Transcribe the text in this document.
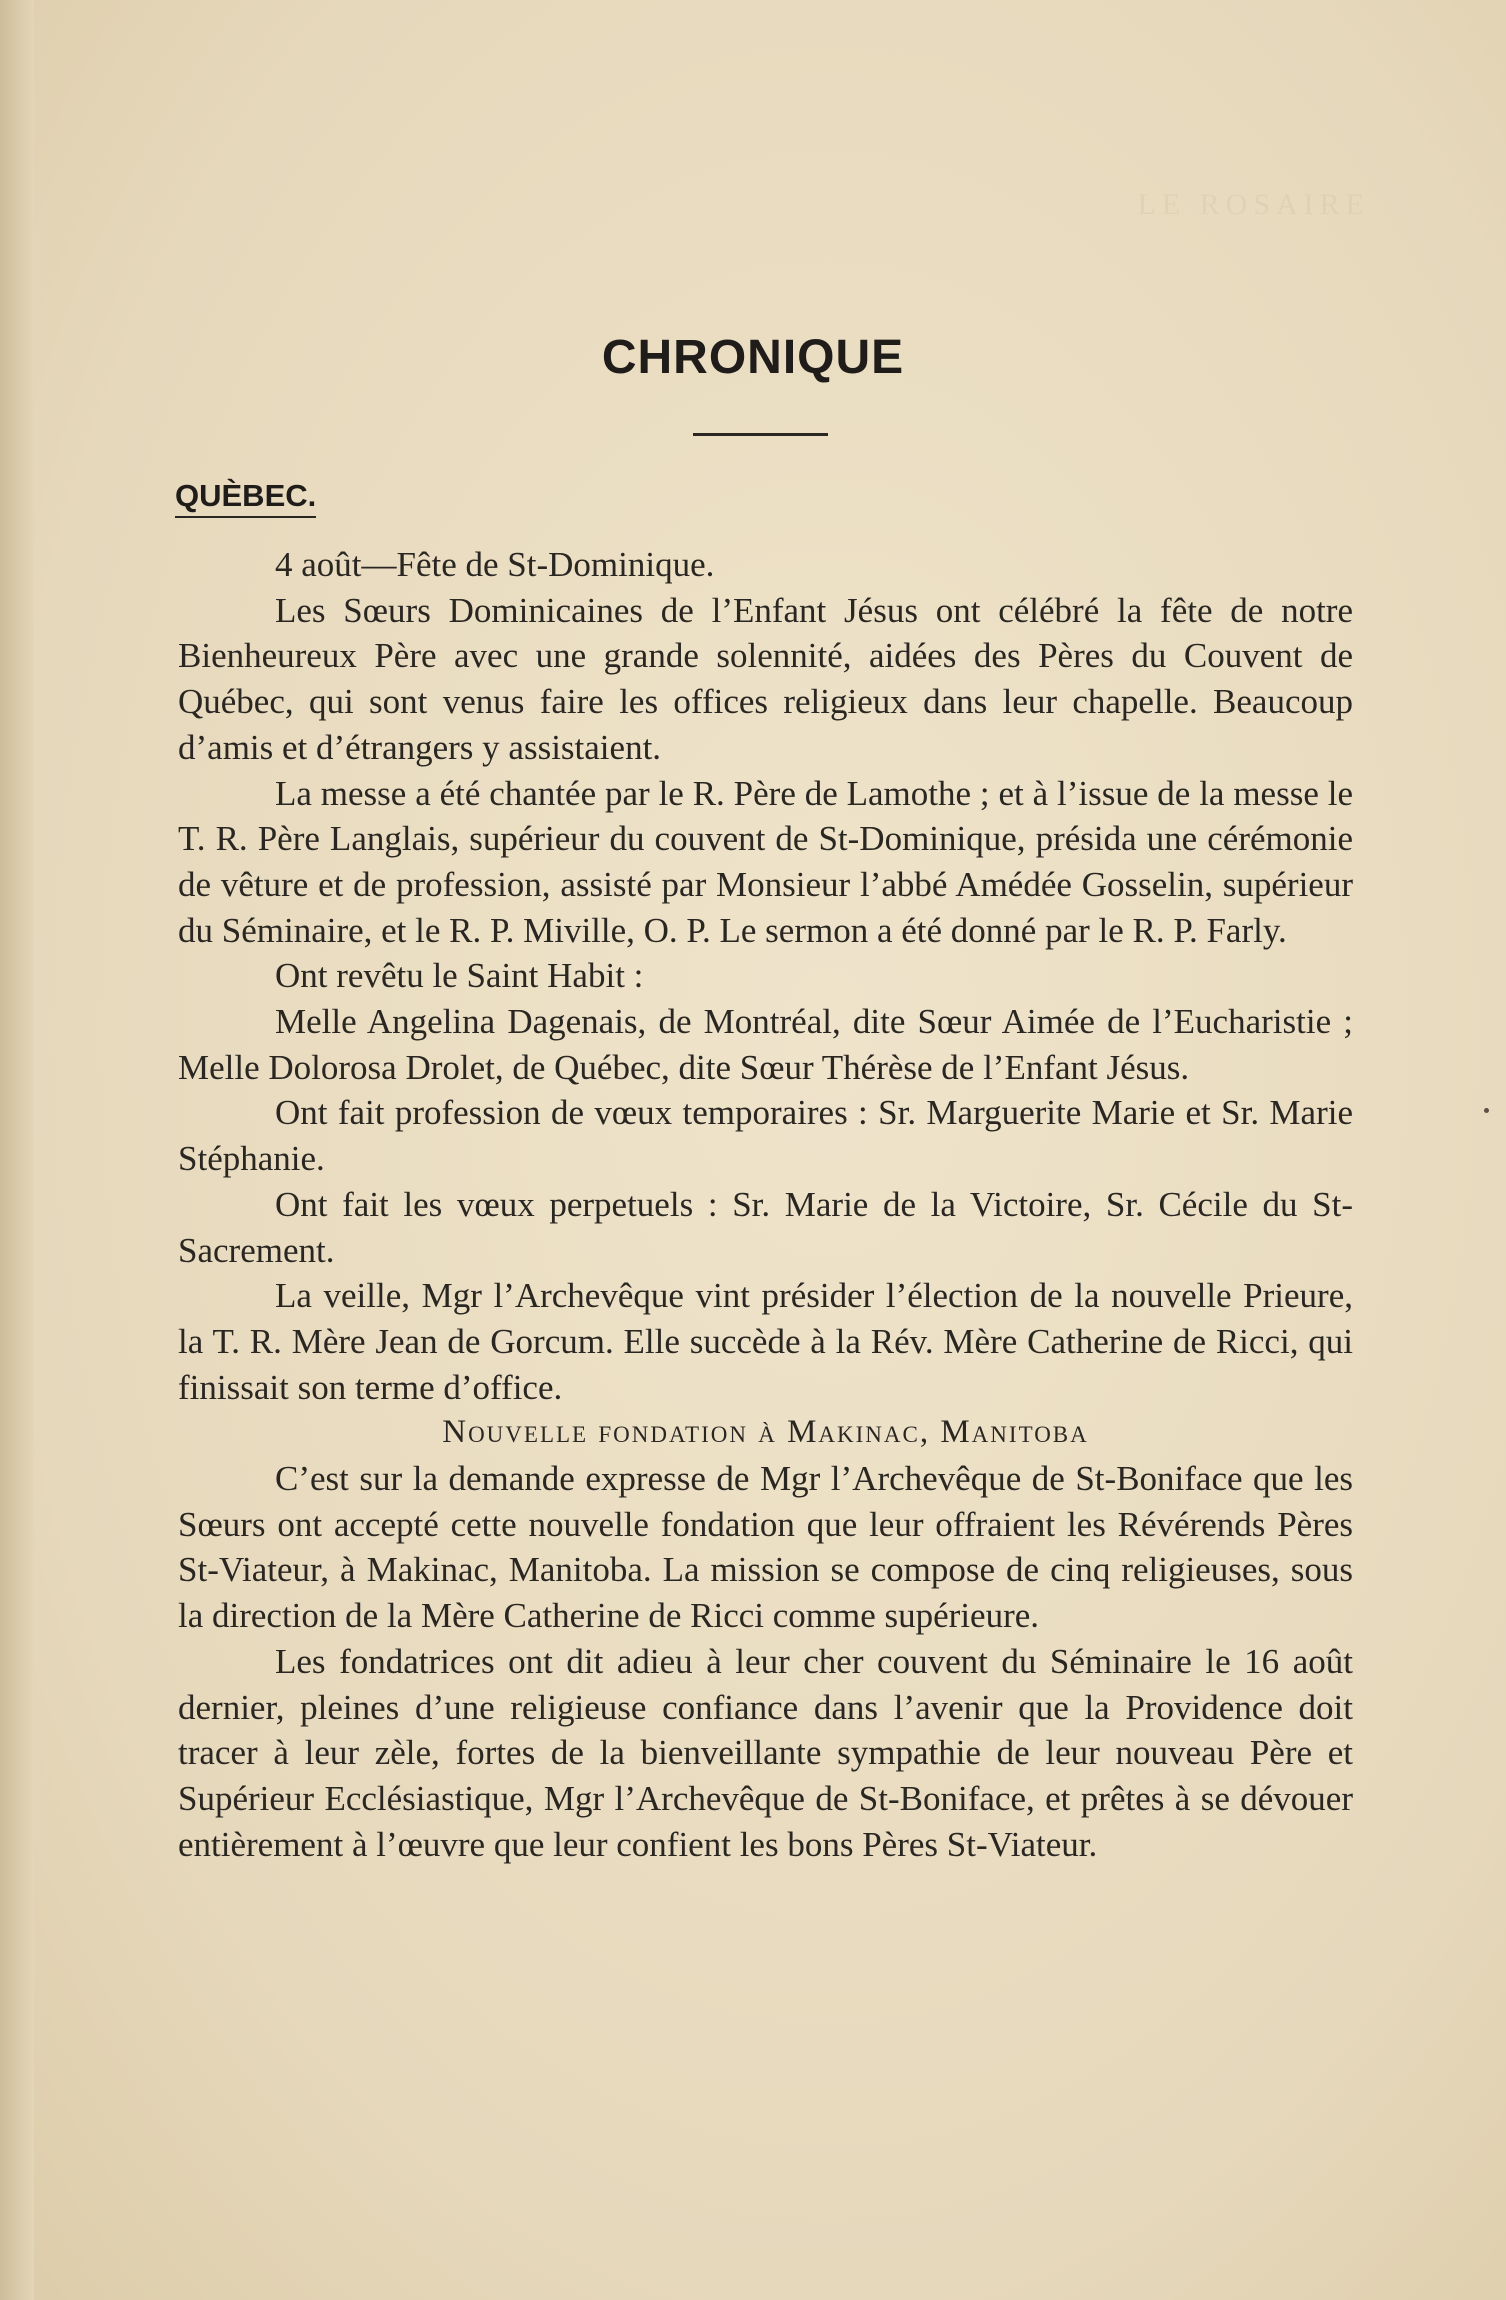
LE ROSAIRE
CHRONIQUE
QUÈBEC.

4 août—Fête de St-Dominique.

Les Sœurs Dominicaines de l’Enfant Jésus ont célébré la fête de notre Bienheureux Père avec une grande solennité, aidées des Pères du Couvent de Québec, qui sont venus faire les offices religieux dans leur chapelle. Beaucoup d’amis et d’étrangers y assistaient.

La messe a été chantée par le R. Père de Lamothe ; et à l’issue de la messe le T. R. Père Langlais, supérieur du couvent de St-Dominique, présida une cérémonie de vêture et de profession, assisté par Monsieur l’abbé Amédée Gosselin, supérieur du Séminaire, et le R. P. Miville, O. P. Le sermon a été donné par le R. P. Farly.

Ont revêtu le Saint Habit :

Melle Angelina Dagenais, de Montréal, dite Sœur Aimée de l’Eucharistie ; Melle Dolorosa Drolet, de Québec, dite Sœur Thérèse de l’Enfant Jésus.

Ont fait profession de vœux temporaires : Sr. Marguerite Marie et Sr. Marie Stéphanie.

Ont fait les vœux perpetuels : Sr. Marie de la Victoire, Sr. Cécile du St-Sacrement.

La veille, Mgr l’Archevêque vint présider l’élection de la nouvelle Prieure, la T. R. Mère Jean de Gorcum. Elle succède à la Rév. Mère Catherine de Ricci, qui finissait son terme d’office.

Nouvelle fondation à Makinac, Manitoba

C’est sur la demande expresse de Mgr l’Archevêque de St-Boniface que les Sœurs ont accepté cette nouvelle fondation que leur offraient les Révérends Pères St-Viateur, à Makinac, Manitoba. La mission se compose de cinq religieuses, sous la direction de la Mère Catherine de Ricci comme supérieure.

Les fondatrices ont dit adieu à leur cher couvent du Séminaire le 16 août dernier, pleines d’une religieuse confiance dans l’avenir que la Providence doit tracer à leur zèle, fortes de la bienveillante sympathie de leur nouveau Père et Supérieur Ecclésiastique, Mgr l’Archevêque de St-Boniface, et prêtes à se dévouer entièrement à l’œuvre que leur confient les bons Pères St-Viateur.
